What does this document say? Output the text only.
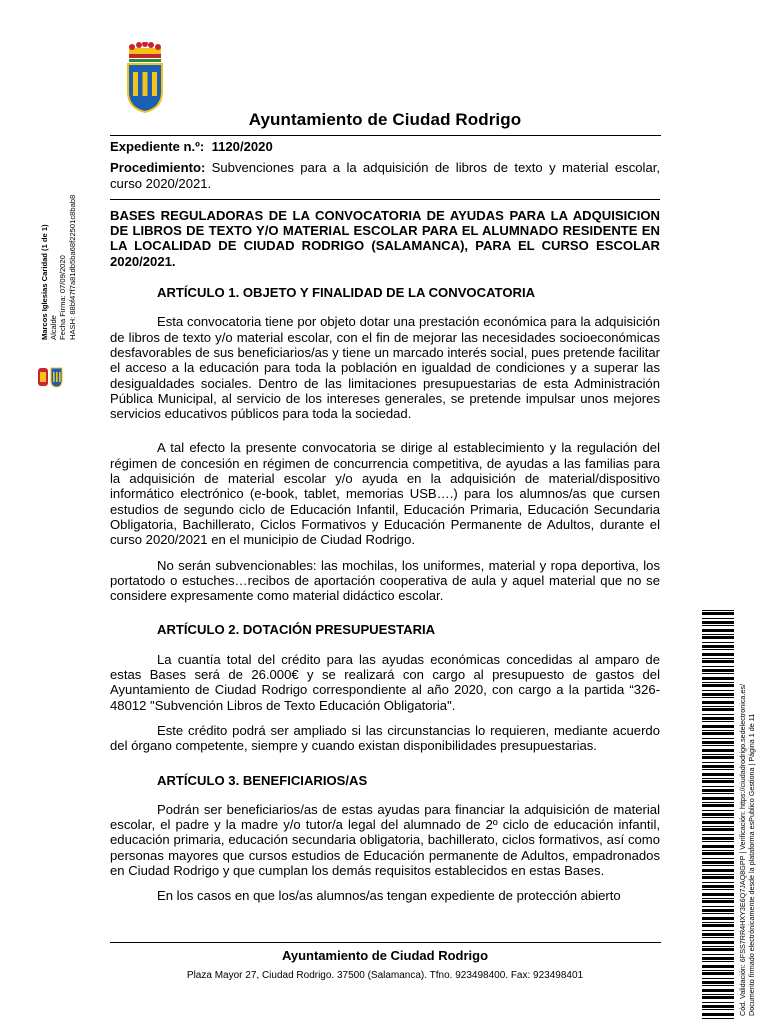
Ayuntamiento de Ciudad Rodrigo

Expediente n.º: 1120/2020

Procedimiento: Subvenciones para a la adquisición de libros de texto y material escolar, curso 2020/2021.

BASES REGULADORAS DE LA CONVOCATORIA DE AYUDAS PARA LA ADQUISICION DE LIBROS DE TEXTO Y/O MATERIAL ESCOLAR PARA EL ALUMNADO RESIDENTE EN LA LOCALIDAD DE CIUDAD RODRIGO (SALAMANCA), PARA EL CURSO ESCOLAR 2020/2021.

ARTÍCULO 1. OBJETO Y FINALIDAD DE LA CONVOCATORIA

Esta convocatoria tiene por objeto dotar una prestación económica para la adquisición de libros de texto y/o material escolar, con el fin de mejorar las necesidades socioeconómicas desfavorables de sus beneficiarios/as y tiene un marcado interés social, pues pretende facilitar el acceso a la educación para toda la población en igualdad de condiciones y a superar las desigualdades sociales. Dentro de las limitaciones presupuestarias de esta Administración Pública Municipal, al servicio de los intereses generales, se pretende impulsar unos mejores servicios educativos públicos para toda la sociedad.

A tal efecto la presente convocatoria se dirige al establecimiento y la regulación del régimen de concesión en régimen de concurrencia competitiva, de ayudas a las familias para la adquisición de material escolar y/o ayuda en la adquisición de material/dispositivo informático electrónico (e-book, tablet, memorias USB….) para los alumnos/as que cursen estudios de segundo ciclo de Educación Infantil, Educación Primaria, Educación Secundaria Obligatoria, Bachillerato, Ciclos Formativos y Educación Permanente de Adultos, durante el curso 2020/2021 en el municipio de Ciudad Rodrigo.

No serán subvencionables: las mochilas, los uniformes, material y ropa deportiva, los portatodo o estuches…recibos de aportación cooperativa de aula y aquel material que no se considere expresamente como material didáctico escolar.

ARTÍCULO 2. DOTACIÓN PRESUPUESTARIA

La cuantía total del crédito para las ayudas económicas concedidas al amparo de estas Bases será de 26.000€ y se realizará con cargo al presupuesto de gastos del Ayuntamiento de Ciudad Rodrigo correspondiente al año 2020, con cargo a la partida “326-48012 "Subvención Libros de Texto Educación Obligatoria".

Este crédito podrá ser ampliado si las circunstancias lo requieren, mediante acuerdo del órgano competente, siempre y cuando existan disponibilidades presupuestarias.

ARTÍCULO 3. BENEFICIARIOS/AS

Podrán ser beneficiarios/as de estas ayudas para financiar la adquisición de material escolar, el padre y la madre y/o tutor/a legal del alumnado de 2º ciclo de educación infantil, educación primaria, educación secundaria obligatoria, bachillerato, ciclos formativos, así como personas mayores que cursos estudios de Educación permanente de Adultos, empadronados en Ciudad Rodrigo y que cumplan los demás requisitos establecidos en estas Bases.

En los casos en que los/as alumnos/as tengan expediente de protección abierto

Ayuntamiento de Ciudad Rodrigo
Plaza Mayor 27, Ciudad Rodrigo. 37500 (Salamanca). Tfno. 923498400. Fax: 923498401
Marcos Iglesias Caridad (1 de 1) Alcalde Fecha Firma: 07/09/2020 HASH: 88bf47f7a81db5ba68f22501c8bab8
Cód. Validación: 6FSS7RR4HXY3E6Q7JAQ8GPP | Verificación: https://ciudadrodrigo.sedelectronica.es/ Documento firmado electrónicamente desde la plataforma esPublico Gestiona | Página 1 de 11
